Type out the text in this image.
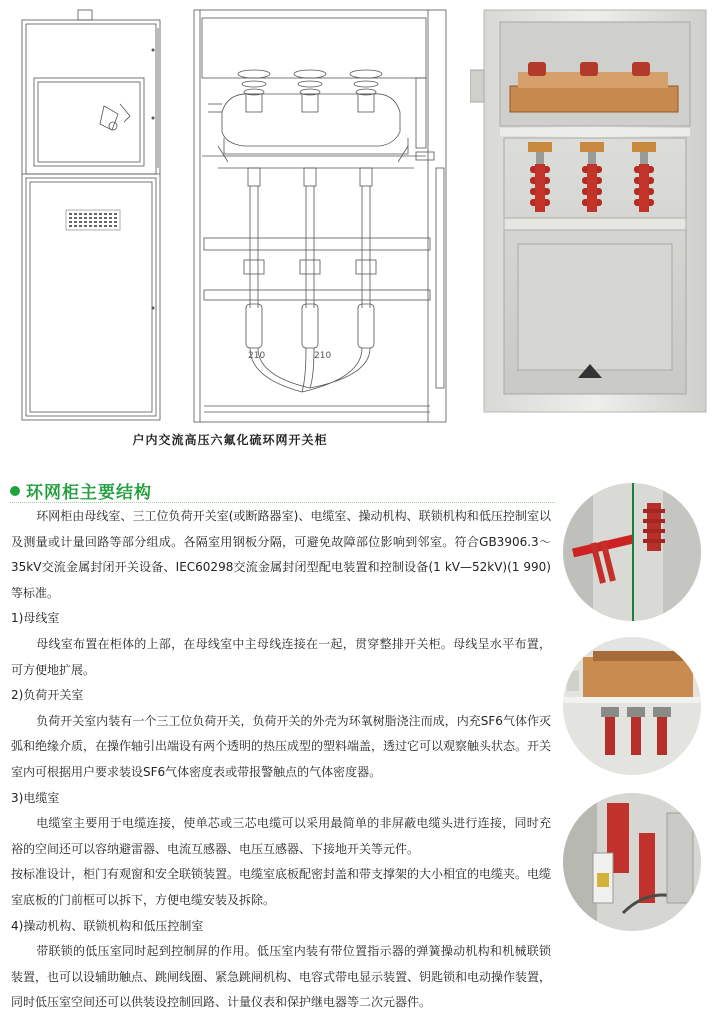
210	210
户内交流高压六氟化硫环网开关柜
环网柜主要结构

环网柜由母线室、三工位负荷开关室(或断路器室)、电缆室、操动机构、联锁机构和低压控制室以及测量或计量回路等部分组成。各隔室用钢板分隔，可避免故障部位影响到邻室。符合GB3906.3～35kV交流金属封闭开关设备、IEC60298交流金属封闭型配电装置和控制设备(1 kV—52kV)(1 990)等标准。

1)母线室

母线室布置在柜体的上部，在母线室中主母线连接在一起，贯穿整排开关柜。母线呈水平布置，可方便地扩展。

2)负荷开关室

负荷开关室内装有一个三工位负荷开关，负荷开关的外壳为环氧树脂浇注而成，内充SF6气体作灭弧和绝缘介质，在操作轴引出端设有两个透明的热压成型的塑料端盖，透过它可以观察触头状态。开关室内可根据用户要求装设SF6气体密度表或带报警触点的气体密度器。

3)电缆室

电缆室主要用于电缆连接，使单芯或三芯电缆可以采用最简单的非屏蔽电缆头进行连接，同时充裕的空间还可以容纳避雷器、电流互感器、电压互感器、下接地开关等元件。

按标准设计，柜门有观窗和安全联锁装置。电缆室底板配密封盖和带支撑架的大小相宜的电缆夹。电缆室底板的门前框可以拆下，方便电缆安装及拆除。

4)操动机构、联锁机构和低压控制室

带联锁的低压室同时起到控制屏的作用。低压室内装有带位置指示器的弹簧操动机构和机械联锁装置，也可以设辅助触点、跳闸线圈、紧急跳闸机构、电容式带电显示装置、钥匙锁和电动操作装置，同时低压室空间还可以供装设控制回路、计量仪表和保护继电器等二次元器件。
